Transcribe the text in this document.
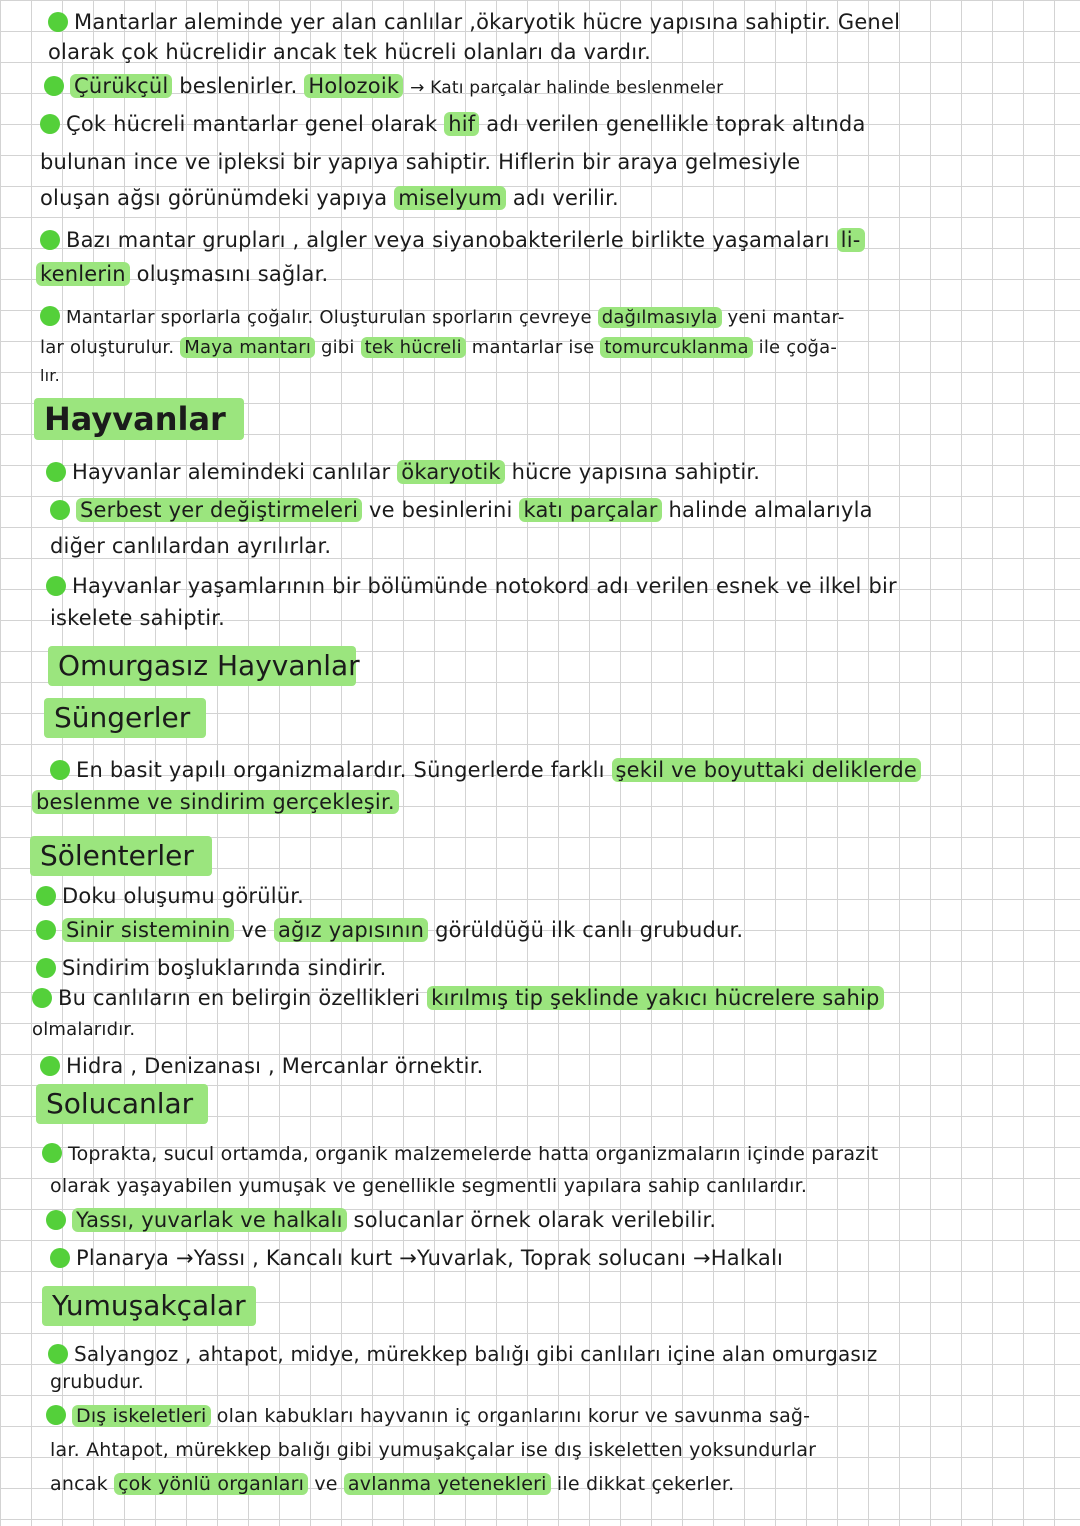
Mantarlar aleminde yer alan canlılar ,ökaryotik hücre yapısına sahiptir. Genel
olarak çok hücrelidir ancak tek hücreli olanları da vardır.
Çürükçül beslenirler. Holozoik → Katı parçalar halinde beslenmeler
Çok hücreli mantarlar genel olarak hif adı verilen genellikle toprak altında
bulunan ince ve ipleksi bir yapıya sahiptir. Hiflerin bir araya gelmesiyle
oluşan ağsı görünümdeki yapıya miselyum adı verilir.
Bazı mantar grupları , algler veya siyanobakterilerle birlikte yaşamaları li-
kenlerin oluşmasını sağlar.
Mantarlar sporlarla çoğalır. Oluşturulan sporların çevreye dağılmasıyla yeni mantar-
lar oluşturulur. Maya mantarı gibi tek hücreli mantarlar ise tomurcuklanma ile çoğa-
lır.
Hayvanlar
Hayvanlar alemindeki canlılar ökaryotik hücre yapısına sahiptir.
Serbest yer değiştirmeleri ve besinlerini katı parçalar halinde almalarıyla
diğer canlılardan ayrılırlar.
Hayvanlar yaşamlarının bir bölümünde notokord adı verilen esnek ve ilkel bir
iskelete sahiptir.
Omurgasız Hayvanlar
Süngerler
En basit yapılı organizmalardır. Süngerlerde farklı şekil ve boyuttaki deliklerde
beslenme ve sindirim gerçekleşir.
Sölenterler
Doku oluşumu görülür.
Sinir sisteminin ve ağız yapısının görüldüğü ilk canlı grubudur.
Sindirim boşluklarında sindirir.
Bu canlıların en belirgin özellikleri kırılmış tip şeklinde yakıcı hücrelere sahip
olmalarıdır.
Hidra , Denizanası , Mercanlar örnektir.
Solucanlar
Toprakta, sucul ortamda, organik malzemelerde hatta organizmaların içinde parazit
olarak yaşayabilen yumuşak ve genellikle segmentli yapılara sahip canlılardır.
Yassı, yuvarlak ve halkalı solucanlar örnek olarak verilebilir.
Planarya →Yassı , Kancalı kurt →Yuvarlak, Toprak solucanı →Halkalı
Yumuşakçalar
Salyangoz , ahtapot, midye, mürekkep balığı gibi canlıları içine alan omurgasız
grubudur.
Dış iskeletleri olan kabukları hayvanın iç organlarını korur ve savunma sağ-
lar. Ahtapot, mürekkep balığı gibi yumuşakçalar ise dış iskeletten yoksundurlar
ancak çok yönlü organları ve avlanma yetenekleri ile dikkat çekerler.
